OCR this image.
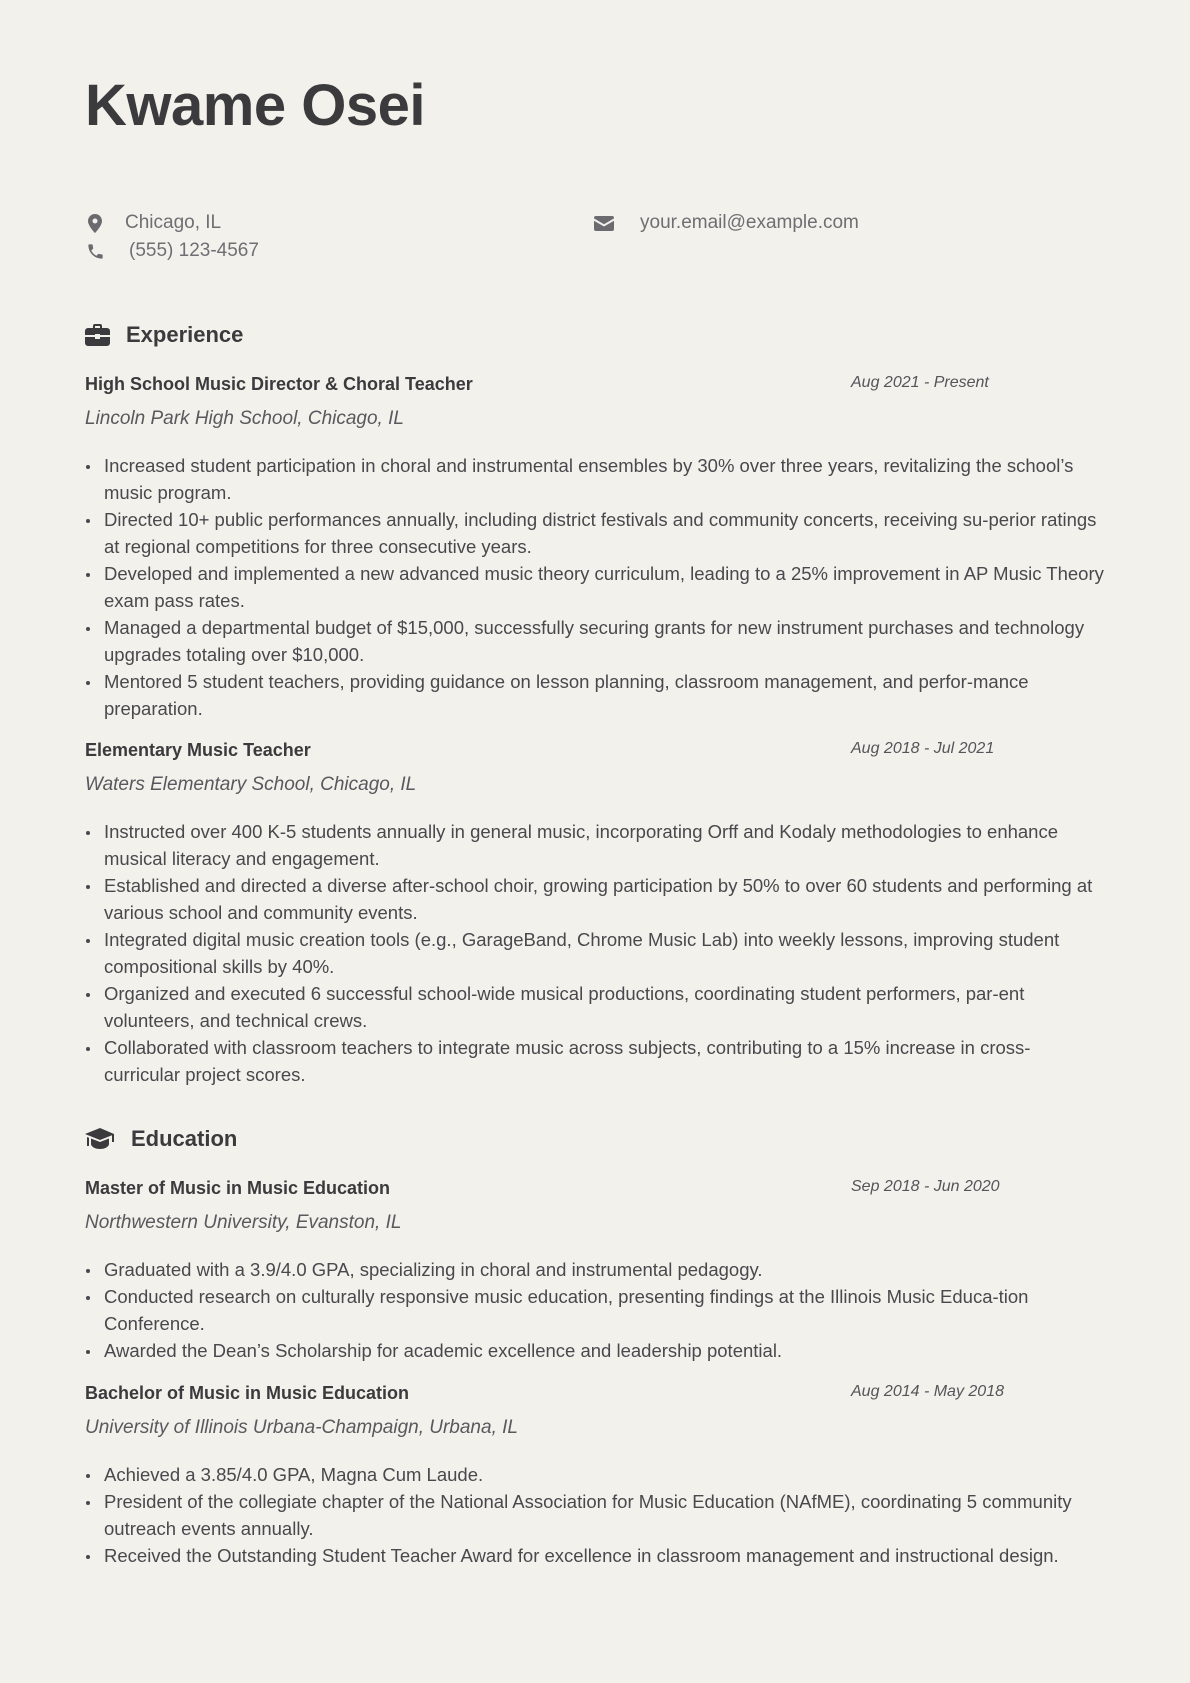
Kwame Osei
Chicago, IL
(555) 123-4567
your.email@example.com
Experience
High School Music Director & Choral Teacher	Aug 2021 - Present
Lincoln Park High School, Chicago, IL
Increased student participation in choral and instrumental ensembles by 30% over three years, revitalizing the school’s music program.
Directed 10+ public performances annually, including district festivals and community concerts, receiving su-perior ratings at regional competitions for three consecutive years.
Developed and implemented a new advanced music theory curriculum, leading to a 25% improvement in AP Music Theory exam pass rates.
Managed a departmental budget of $15,000, successfully securing grants for new instrument purchases and technology upgrades totaling over $10,000.
Mentored 5 student teachers, providing guidance on lesson planning, classroom management, and perfor-mance preparation.
Elementary Music Teacher	Aug 2018 - Jul 2021
Waters Elementary School, Chicago, IL
Instructed over 400 K-5 students annually in general music, incorporating Orff and Kodaly methodologies to enhance musical literacy and engagement.
Established and directed a diverse after-school choir, growing participation by 50% to over 60 students and performing at various school and community events.
Integrated digital music creation tools (e.g., GarageBand, Chrome Music Lab) into weekly lessons, improving student compositional skills by 40%.
Organized and executed 6 successful school-wide musical productions, coordinating student performers, par-ent volunteers, and technical crews.
Collaborated with classroom teachers to integrate music across subjects, contributing to a 15% increase in cross-curricular project scores.
Education
Master of Music in Music Education	Sep 2018 - Jun 2020
Northwestern University, Evanston, IL
Graduated with a 3.9/4.0 GPA, specializing in choral and instrumental pedagogy.
Conducted research on culturally responsive music education, presenting findings at the Illinois Music Educa-tion Conference.
Awarded the Dean’s Scholarship for academic excellence and leadership potential.
Bachelor of Music in Music Education	Aug 2014 - May 2018
University of Illinois Urbana-Champaign, Urbana, IL
Achieved a 3.85/4.0 GPA, Magna Cum Laude.
President of the collegiate chapter of the National Association for Music Education (NAfME), coordinating 5 community outreach events annually.
Received the Outstanding Student Teacher Award for excellence in classroom management and instructional design.
